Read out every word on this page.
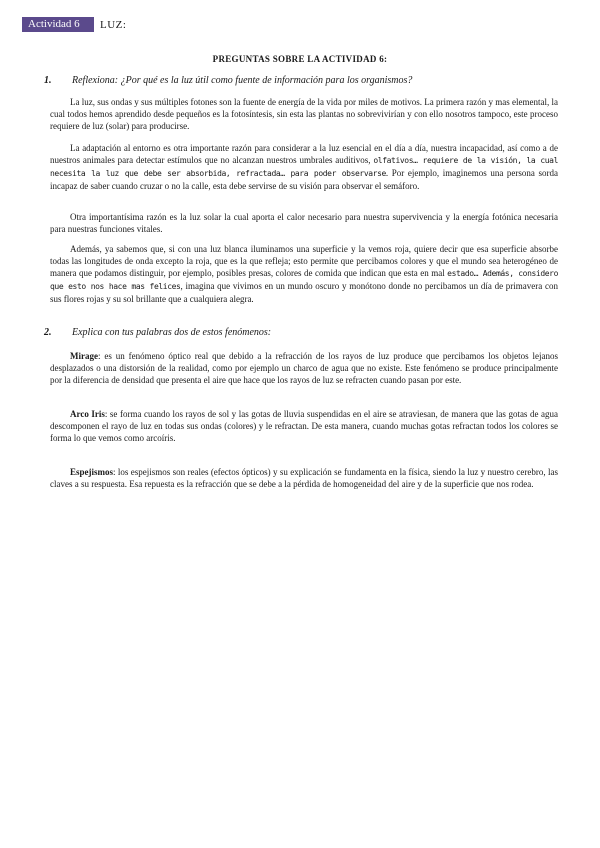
Actividad 6	LUZ:
PREGUNTAS SOBRE LA ACTIVIDAD 6:
1. Reflexiona: ¿Por qué es la luz útil como fuente de información para los organismos?
La luz, sus ondas y sus múltiples fotones son la fuente de energía de la vida por miles de motivos. La primera razón y mas elemental, la cual todos hemos aprendido desde pequeños es la fotosíntesis, sin esta las plantas no sobrevivirían y con ello nosotros tampoco, este proceso requiere de luz (solar) para producirse.
La adaptación al entorno es otra importante razón para considerar a la luz esencial en el día a día, nuestra incapacidad, así como a de nuestros animales para detectar estímulos que no alcanzan nuestros umbrales auditivos, olfativos… requiere de la visión, la cual necesita la luz que debe ser absorbida, refractada… para poder observarse. Por ejemplo, imaginemos una persona sorda incapaz de saber cuando cruzar o no la calle, esta debe servirse de su visión para observar el semáforo.
Otra importantísima razón es la luz solar la cual aporta el calor necesario para nuestra supervivencia y la energía fotónica necesaria para nuestras funciones vitales.
Además, ya sabemos que, si con una luz blanca iluminamos una superficie y la vemos roja, quiere decir que esa superficie absorbe todas las longitudes de onda excepto la roja, que es la que refleja; esto permite que percibamos colores y que el mundo sea heterogéneo de manera que podamos distinguir, por ejemplo, posibles presas, colores de comida que indican que esta en mal estado… Además, considero que esto nos hace mas felices, imagina que vivimos en un mundo oscuro y monótono donde no percibamos un día de primavera con sus flores rojas y su sol brillante que a cualquiera alegra.
2. Explica con tus palabras dos de estos fenómenos:
Mirage: es un fenómeno óptico real que debido a la refracción de los rayos de luz produce que percibamos los objetos lejanos desplazados o una distorsión de la realidad, como por ejemplo un charco de agua que no existe. Este fenómeno se produce principalmente por la diferencia de densidad que presenta el aire que hace que los rayos de luz se refracten cuando pasan por este.
Arco Iris: se forma cuando los rayos de sol y las gotas de lluvia suspendidas en el aire se atraviesan, de manera que las gotas de agua descomponen el rayo de luz en todas sus ondas (colores) y le refractan. De esta manera, cuando muchas gotas refractan todos los colores se forma lo que vemos como arcoíris.
Espejismos: los espejismos son reales (efectos ópticos) y su explicación se fundamenta en la física, siendo la luz y nuestro cerebro, las claves a su respuesta. Esa repuesta es la refracción que se debe a la pérdida de homogeneidad del aire y de la superficie que nos rodea.
